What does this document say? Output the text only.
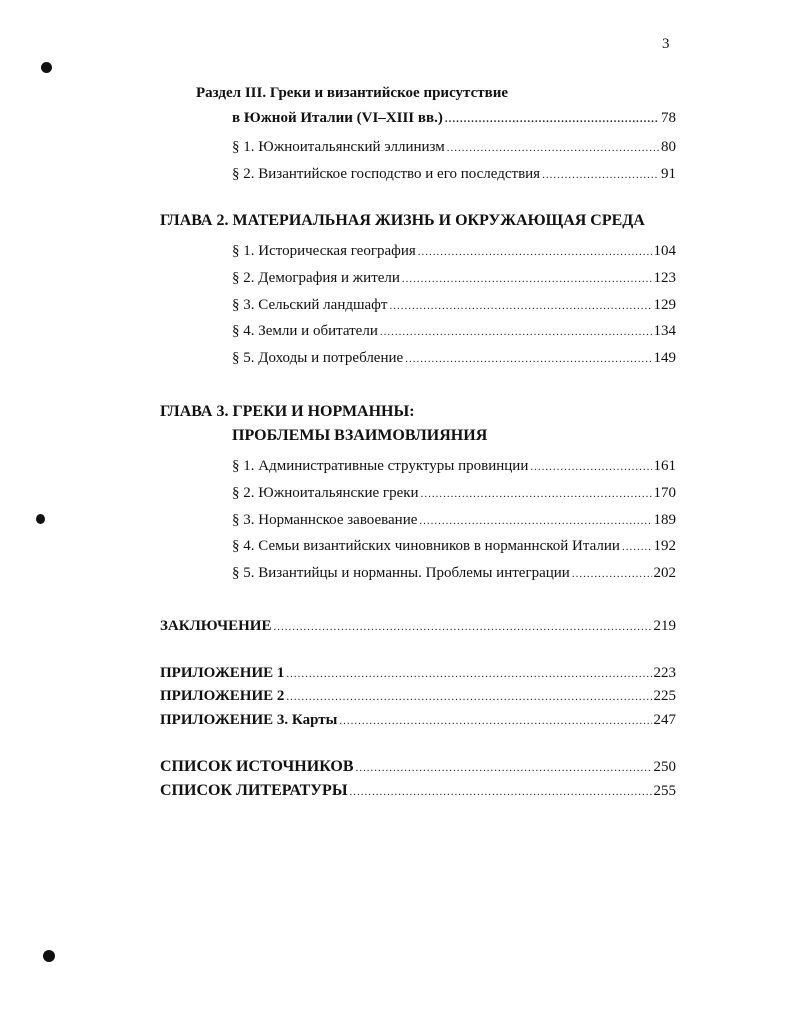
3
Раздел III. Греки и византийское присутствие
в Южной Италии (VI–XIII вв.) .....	78
§ 1. Южноитальянский эллинизм .....	80
§ 2. Византийское господство и его последствия .....	91
ГЛАВА 2. МАТЕРИАЛЬНАЯ ЖИЗНЬ И ОКРУЖАЮЩАЯ СРЕДА
§ 1. Историческая география .....	104
§ 2. Демография и жители .....	123
§ 3. Сельский ландшафт .....	129
§ 4. Земли и обитатели .....	134
§ 5. Доходы и потребление .....	149
ГЛАВА 3. ГРЕКИ И НОРМАННЫ:
ПРОБЛЕМЫ ВЗАИМОВЛИЯНИЯ
§ 1. Административные структуры провинции .....	161
§ 2. Южноитальянские греки .....	170
§ 3. Норманнское завоевание .....	189
§ 4. Семьи византийских чиновников в норманнской Италии ..... 192
§ 5. Византийцы и норманны. Проблемы интеграции .....	202
ЗАКЛЮЧЕНИЕ .....	219
ПРИЛОЖЕНИЕ 1 .....	223
ПРИЛОЖЕНИЕ 2 .....	225
ПРИЛОЖЕНИЕ 3. Карты .....	247
СПИСОК ИСТОЧНИКОВ .....	250
СПИСОК ЛИТЕРАТУРЫ .....	255
